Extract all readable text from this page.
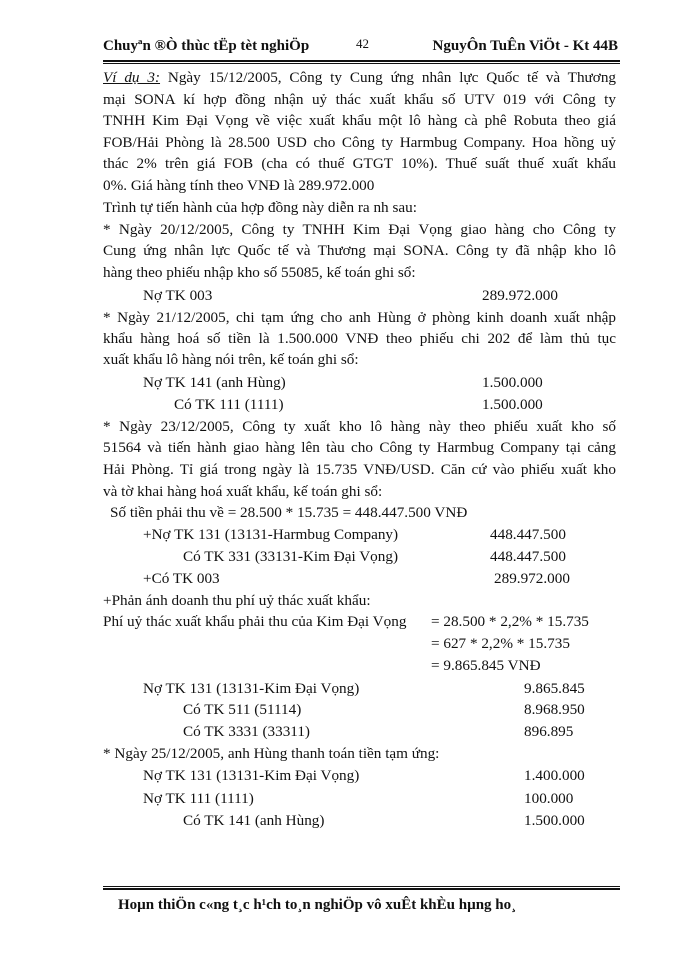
Chuyªn ®Ò thùc tËp tèt nghiÖp	42	NguyÔn TuÊn ViÖt - Kt 44B
Ví dụ 3: Ngày 15/12/2005, Công ty Cung ứng nhân lực Quốc tế và Thương
mại SONA kí hợp đồng nhận uỷ thác xuất khẩu số UTV 019 với Công ty
TNHH Kim Đại Vọng về việc xuất khẩu một lô hàng cà phê Robuta theo giá
FOB/Hải Phòng là 28.500 USD cho Công ty Harmbug Company. Hoa hồng uỷ
thác 2% trên giá FOB (cha có thuế GTGT 10%). Thuế suất thuế xuất khẩu
0%. Giá hàng tính theo VNĐ là 289.972.000
Trình tự tiến hành của hợp đồng này diễn ra nh sau:
* Ngày 20/12/2005, Công ty TNHH Kim Đại Vọng giao hàng cho Công ty
Cung ứng nhân lực Quốc tế và Thương mại SONA. Công ty đã nhập kho lô
hàng theo phiếu nhập kho số 55085, kế toán ghi sổ:
Nợ TK 003	289.972.000
* Ngày 21/12/2005, chi tạm ứng cho anh Hùng ở phòng kinh doanh xuất nhập
khẩu hàng hoá số tiền là 1.500.000 VNĐ theo phiếu chi 202 để làm thủ tục
xuất khẩu lô hàng nói trên, kế toán ghi sổ:
Nợ TK 141 (anh Hùng)	1.500.000
Có TK 111 (1111)	1.500.000
* Ngày 23/12/2005, Công ty xuất kho lô hàng này theo phiếu xuất kho số
51564 và tiến hành giao hàng lên tàu cho Công ty Harmbug Company tại cảng
Hải Phòng. Tỉ giá trong ngày là 15.735 VNĐ/USD. Căn cứ vào phiếu xuất kho
và tờ khai hàng hoá xuất khẩu, kế toán ghi sổ:
Số tiền phải thu về = 28.500 * 15.735 = 448.447.500 VNĐ
+Nợ TK 131 (13131-Harmbug Company)	448.447.500
Có TK 331 (33131-Kim Đại Vọng)	448.447.500
+Có TK 003	289.972.000
+Phản ánh doanh thu phí uỷ thác xuất khẩu:
Phí uỷ thác xuất khẩu phải thu của Kim Đại Vọng = 28.500 * 2,2% * 15.735
= 627 * 2,2% * 15.735
= 9.865.845 VNĐ
Nợ TK 131 (13131-Kim Đại Vọng)	9.865.845
Có TK 511 (51114)	8.968.950
Có TK 3331 (33311)	896.895
* Ngày 25/12/2005, anh Hùng thanh toán tiền tạm ứng:
Nợ TK 131 (13131-Kim Đại Vọng)	1.400.000
Nợ TK 111 (1111)	100.000
Có TK 141 (anh Hùng)	1.500.000
Hoµn thiÖn c«ng t¸c h¹ch to¸n nghiÖp vô xuÊt khÈu hµng ho¸
